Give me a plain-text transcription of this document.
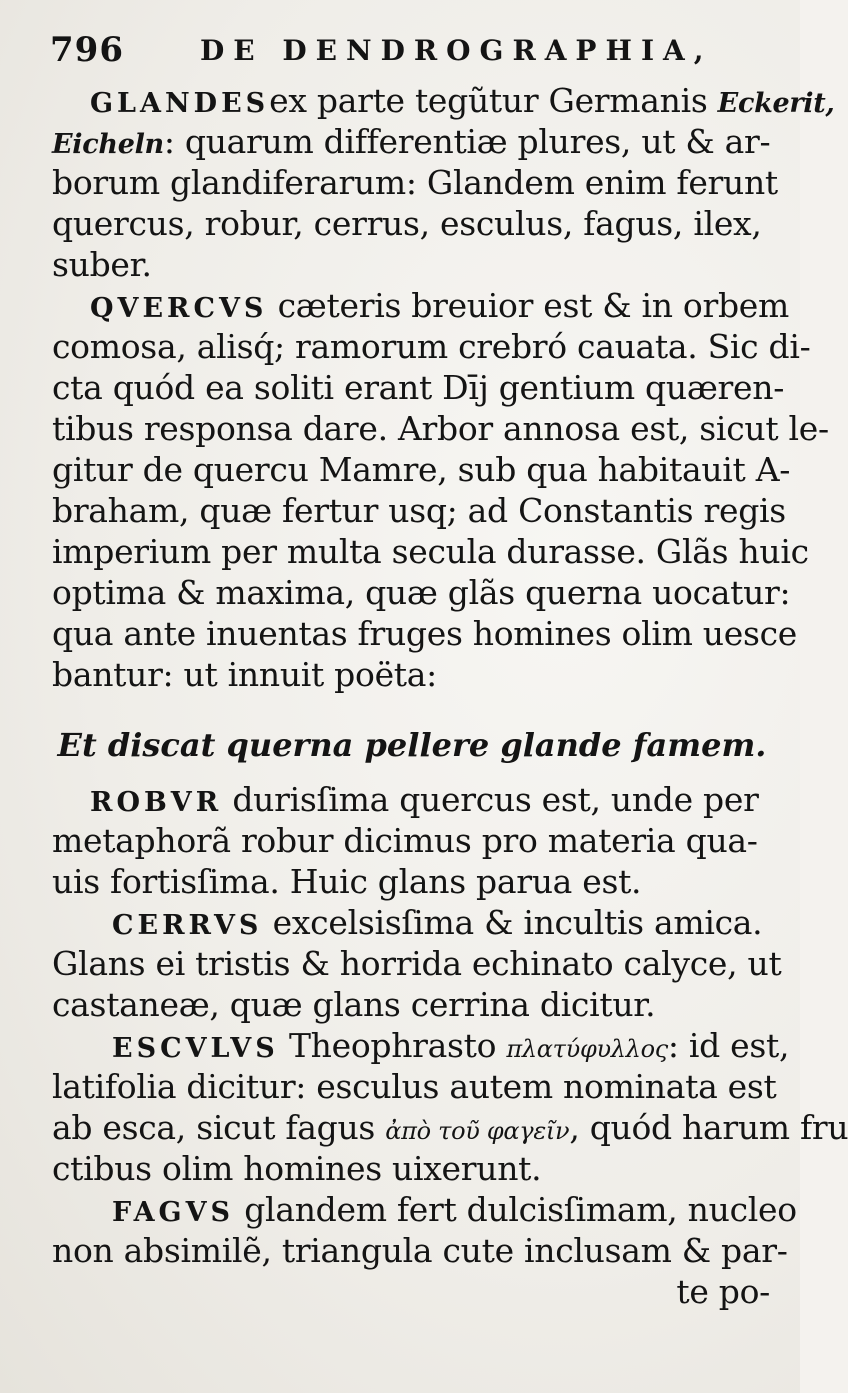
796	DE DENDROGRAPHIA,
GLANDESex parte tegũtur Germanis Eckerit,
Eicheln: quarum differentiæ plures, ut & ar-
borum glandiferarum: Glandem enim ferunt
quercus, robur, cerrus, esculus, fagus, ilex,
suber.
QVERCVS cæteris breuior est & in orbem
comosa, alisq́; ramorum crebró cauata. Sic di-
cta quód ea soliti erant Dīj gentium quæren-
tibus responsa dare. Arbor annosa est, sicut le-
gitur de quercu Mamre, sub qua habitauit A-
braham, quæ fertur usq; ad Constantis regis
imperium per multa secula durasse. Glãs huic
optima & maxima, quæ glãs querna uocatur:
qua ante inuentas fruges homines olim uesce
bantur: ut innuit poëta:
Et discat querna pellere glande famem.
ROBVR durisſima quercus est, unde per
metaphorã robur dicimus pro materia qua-
uis fortisſima. Huic glans parua est.
CERRVS excelsisſima & incultis amica.
Glans ei tristis & horrida echinato calyce, ut
castaneæ, quæ glans cerrina dicitur.
ESCVLVS Theophrasto πλατύφυλλος: id est,
latifolia dicitur: esculus autem nominata est
ab esca, sicut fagus ἀπὸ τοῦ φαγεῖν, quód harum fru
ctibus olim homines uixerunt.
FAGVS glandem fert dulcisſimam, nucleo
non absimilẽ, triangula cute inclusam & par-
te po-
